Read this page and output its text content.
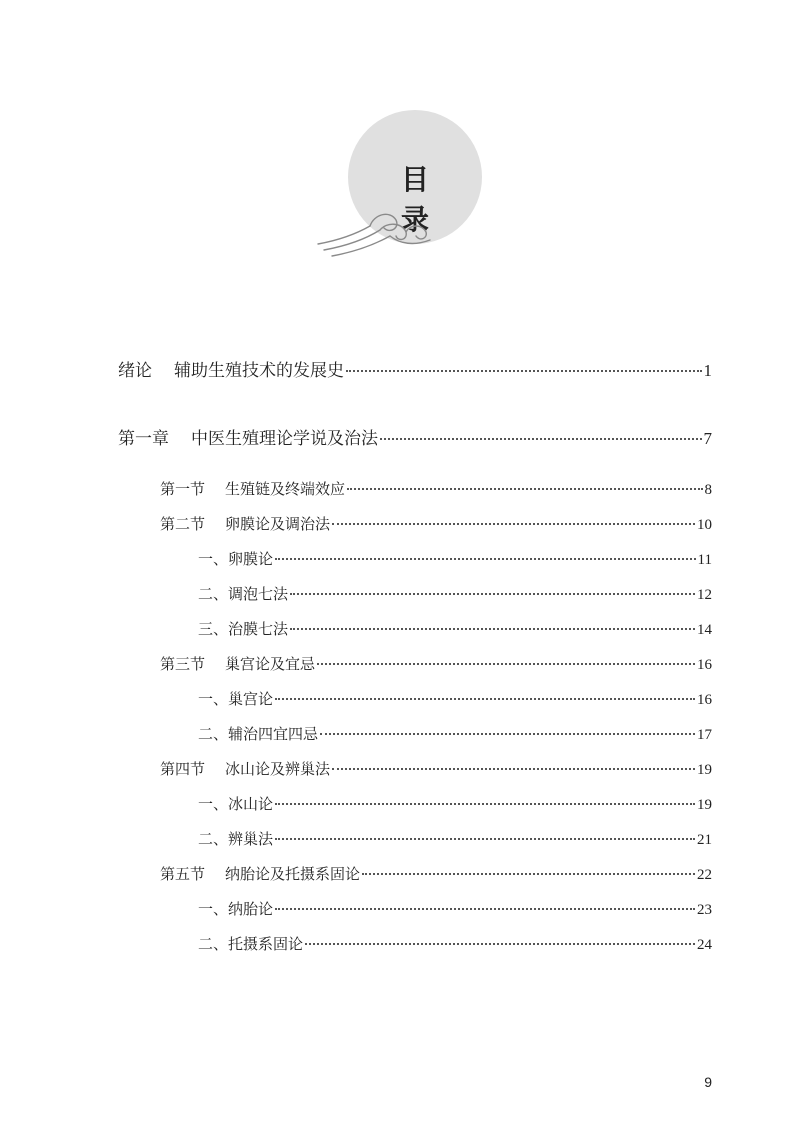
目 录
绪论 辅助生殖技术的发展史	1
第一章 中医生殖理论学说及治法	7
第一节 生殖链及终端效应	8
第二节 卵膜论及调治法	10
一、卵膜论	11
二、调泡七法	12
三、治膜七法	14
第三节 巢宫论及宜忌	16
一、巢宫论	16
二、辅治四宜四忌	17
第四节 冰山论及辨巢法	19
一、冰山论	19
二、辨巢法	21
第五节 纳胎论及托摄系固论	22
一、纳胎论	23
二、托摄系固论	24
9
